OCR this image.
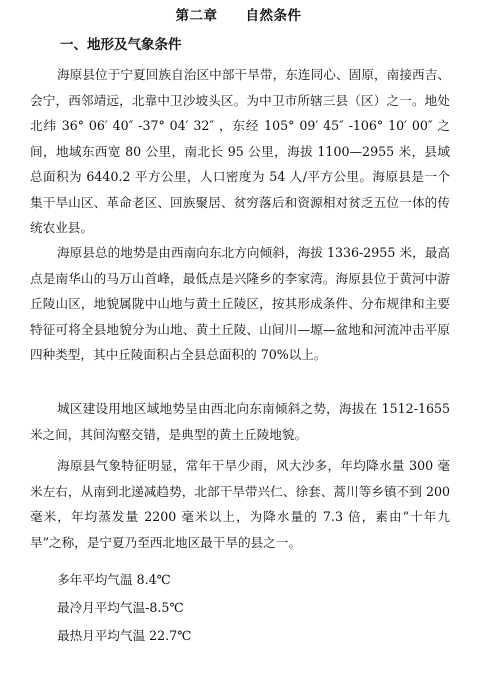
第二章　　自然条件
一、地形及气象条件

海原县位于宁夏回族自治区中部干旱带，东连同心、固原，南接西吉、会宁，西邻靖远，北靠中卫沙坡头区。为中卫市所辖三县（区）之一。地处北纬 36° 06′ 40″ -37° 04′ 32″ ，东经 105° 09′ 45″ -106° 10′ 00″ 之间，地域东西宽 80 公里，南北长 95 公里，海拔 1100—2955 米，县域总面积为 6440.2 平方公里，人口密度为 54 人/平方公里。海原县是一个集干旱山区、革命老区、回族聚居、贫穷落后和资源相对贫乏五位一体的传统农业县。

海原县总的地势是由西南向东北方向倾斜，海拔 1336-2955 米，最高点是南华山的马万山首峰，最低点是兴隆乡的李家湾。海原县位于黄河中游丘陵山区，地貌属陇中山地与黄土丘陵区，按其形成条件、分布规律和主要特征可将全县地貌分为山地、黄土丘陵、山间川—塬—盆地和河流冲击平原四种类型，其中丘陵面积占全县总面积的 70%以上。

城区建设用地区域地势呈由西北向东南倾斜之势，海拔在 1512-1655 米之间，其间沟壑交错，是典型的黄土丘陵地貌。

海原县气象特征明显，常年干旱少雨，风大沙多，年均降水量 300 毫米左右，从南到北递减趋势，北部干旱带兴仁、徐套、蒿川等乡镇不到 200 毫米，年均蒸发量 2200 毫米以上，为降水量的 7.3 倍，素由“十年九旱”之称，是宁夏乃至西北地区最干旱的县之一。

多年平均气温 8.4℃
最冷月平均气温-8.5℃
最热月平均气温 22.7℃
